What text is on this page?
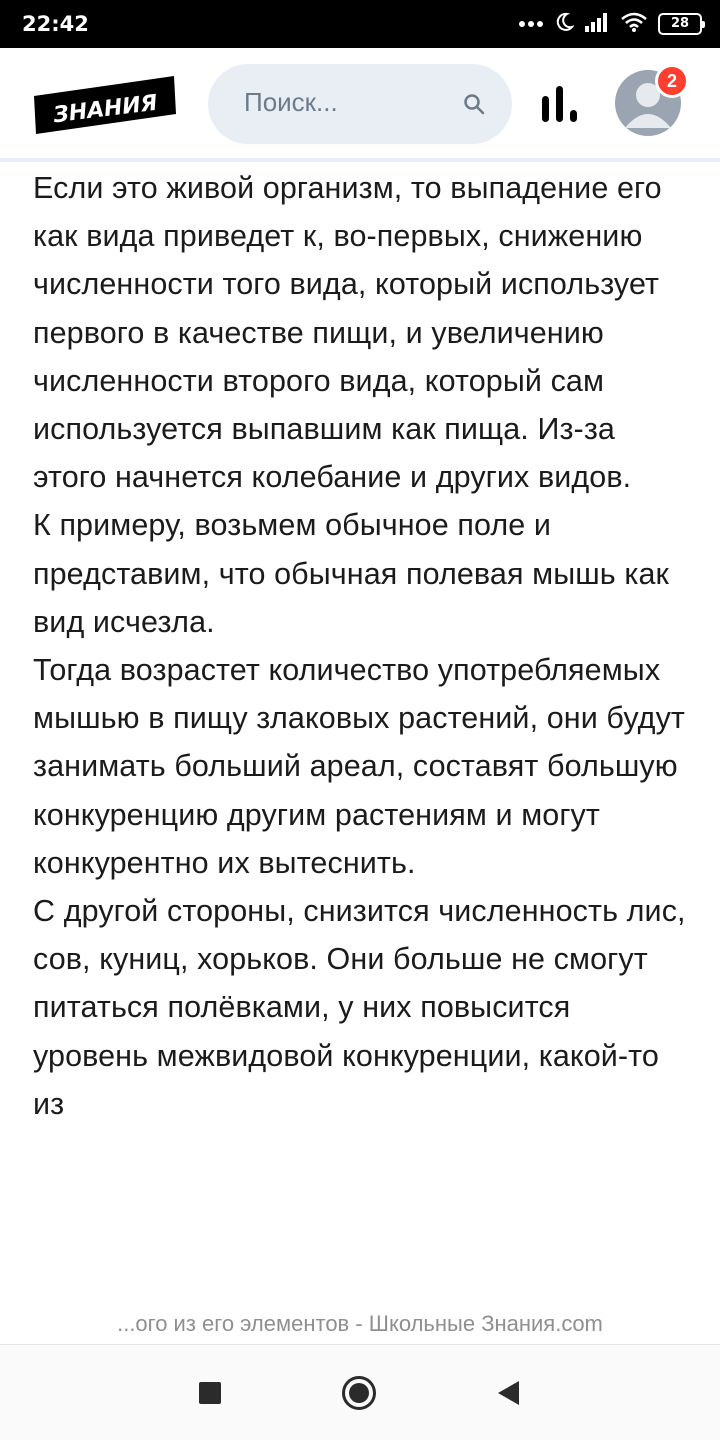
22:42	28
ЗНАНИЯ	Поиск...
2

Если это живой организм, то выпадение его как вида приведет к, во-первых, снижению численности того вида, который использует первого в качестве пищи, и увеличению численности второго вида, который сам используется выпавшим как пища. Из-за этого начнется колебание и других видов.

К примеру, возьмем обычное поле и представим, что обычная полевая мышь как вид исчезла.

Тогда возрастет количество употребляемых мышью в пищу злаковых растений, они будут занимать больший ареал, составят большую конкуренцию другим растениям и могут конкурентно их вытеснить.

С другой стороны, снизится численность лис, сов, куниц, хорьков. Они больше не смогут питаться полёвками, у них повысится уровень межвидовой конкуренции, какой-то из

...ого из его элементов - Школьные Знания.com
